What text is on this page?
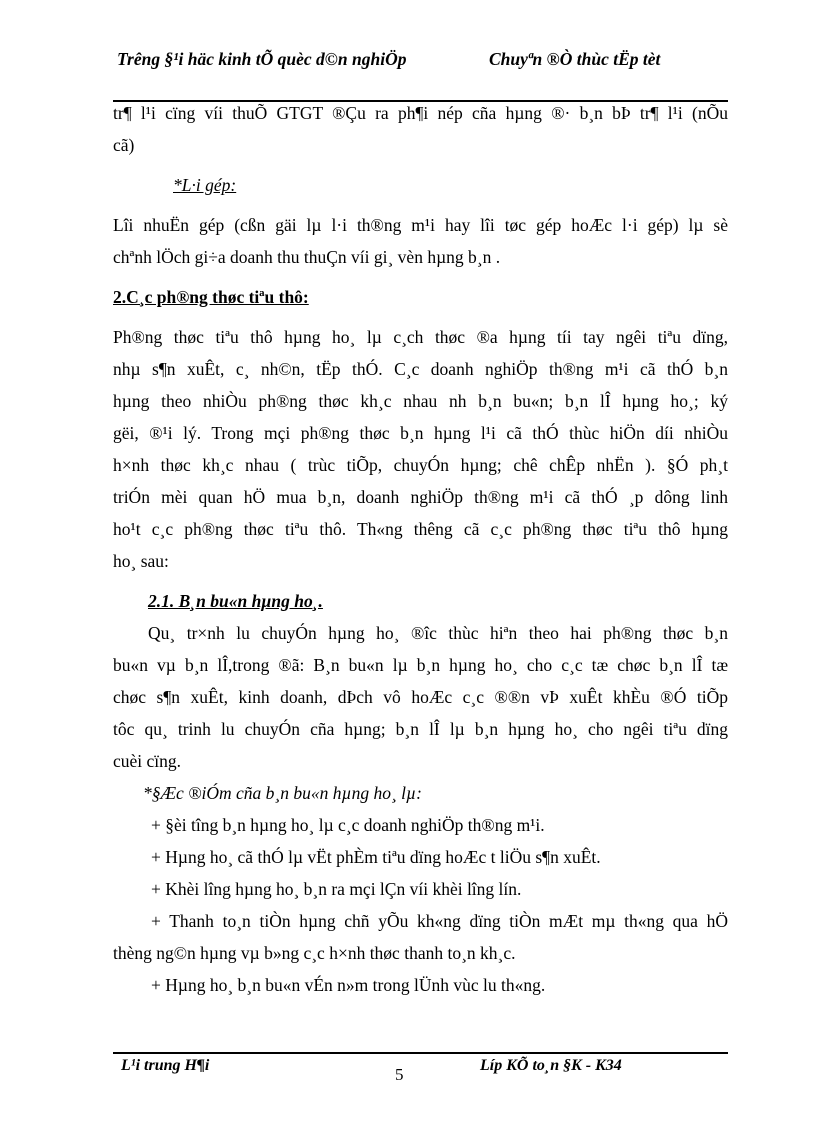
Trêng §¹i häc kinh tÕ quèc d©n nghiÖp	Chuyªn ®Ò thùc tËp tèt

tr¶ l¹i cïng víi thuÕ GTGT ®Çu ra ph¶i nép cña hµng ®· b¸n bÞ tr¶ l¹i (nÕu

cã)

*L·i gép:

Lîi nhuËn gép (cßn gäi lµ l·i th®ng m¹i hay lîi tøc gép hoÆc l·i gép) lµ sè

chªnh lÖch gi÷a doanh thu thuÇn víi gi¸ vèn hµng b¸n .

2.C¸c ph®ng thøc tiªu thô:

Ph®ng thøc tiªu thô hµng ho¸ lµ c¸ch thøc ®a hµng tíi tay ngêi tiªu dïng,

nhµ s¶n xuÊt, c¸ nh©n, tËp thÓ. C¸c doanh nghiÖp th®ng m¹i cã thÓ b¸n

hµng theo nhiÒu ph®ng thøc kh¸c nhau nh b¸n bu«n; b¸n lÎ hµng ho¸; ký

gëi, ®¹i lý. Trong mçi ph®ng thøc b¸n hµng l¹i cã thÓ thùc hiÖn díi nhiÒu

h×nh thøc kh¸c nhau ( trùc tiÕp, chuyÓn hµng; chê chÊp nhËn ). §Ó ph¸t

triÓn mèi quan hÖ mua b¸n, doanh nghiÖp th®ng m¹i cã thÓ ¸p dông linh

ho¹t c¸c ph®ng thøc tiªu thô. Th«ng thêng cã c¸c ph®ng thøc tiªu thô hµng

ho¸ sau:

2.1. B¸n bu«n hµng ho¸.

Qu¸ tr×nh lu chuyÓn hµng ho¸ ®îc thùc hiªn theo hai ph®ng thøc b¸n

bu«n vµ b¸n lÎ,trong ®ã: B¸n bu«n lµ b¸n hµng ho¸ cho c¸c tæ chøc b¸n lÎ tæ

chøc s¶n xuÊt, kinh doanh, dÞch vô hoÆc c¸c ®®n vÞ xuÊt khÈu ®Ó tiÕp

tôc qu¸ trinh lu chuyÓn cña hµng; b¸n lÎ lµ b¸n hµng ho¸ cho ngêi tiªu dïng

cuèi cïng.

*§Æc ®iÓm cña b¸n bu«n hµng ho¸ lµ:

+ §èi tîng b¸n hµng ho¸ lµ c¸c doanh nghiÖp th®ng m¹i.

+ Hµng ho¸ cã thÓ lµ vËt phÈm tiªu dïng hoÆc t liÖu s¶n xuÊt.

+ Khèi lîng hµng ho¸ b¸n ra mçi lÇn víi khèi lîng lín.

+ Thanh to¸n tiÒn hµng chñ yÕu kh«ng dïng tiÒn mÆt mµ th«ng qua hÖ

thèng ng©n hµng vµ b»ng c¸c h×nh thøc thanh to¸n kh¸c.

+ Hµng ho¸ b¸n bu«n vÉn n»m trong lÜnh vùc lu th«ng.

L¹i trung H¶i	5	Líp KÕ to¸n §K - K34
